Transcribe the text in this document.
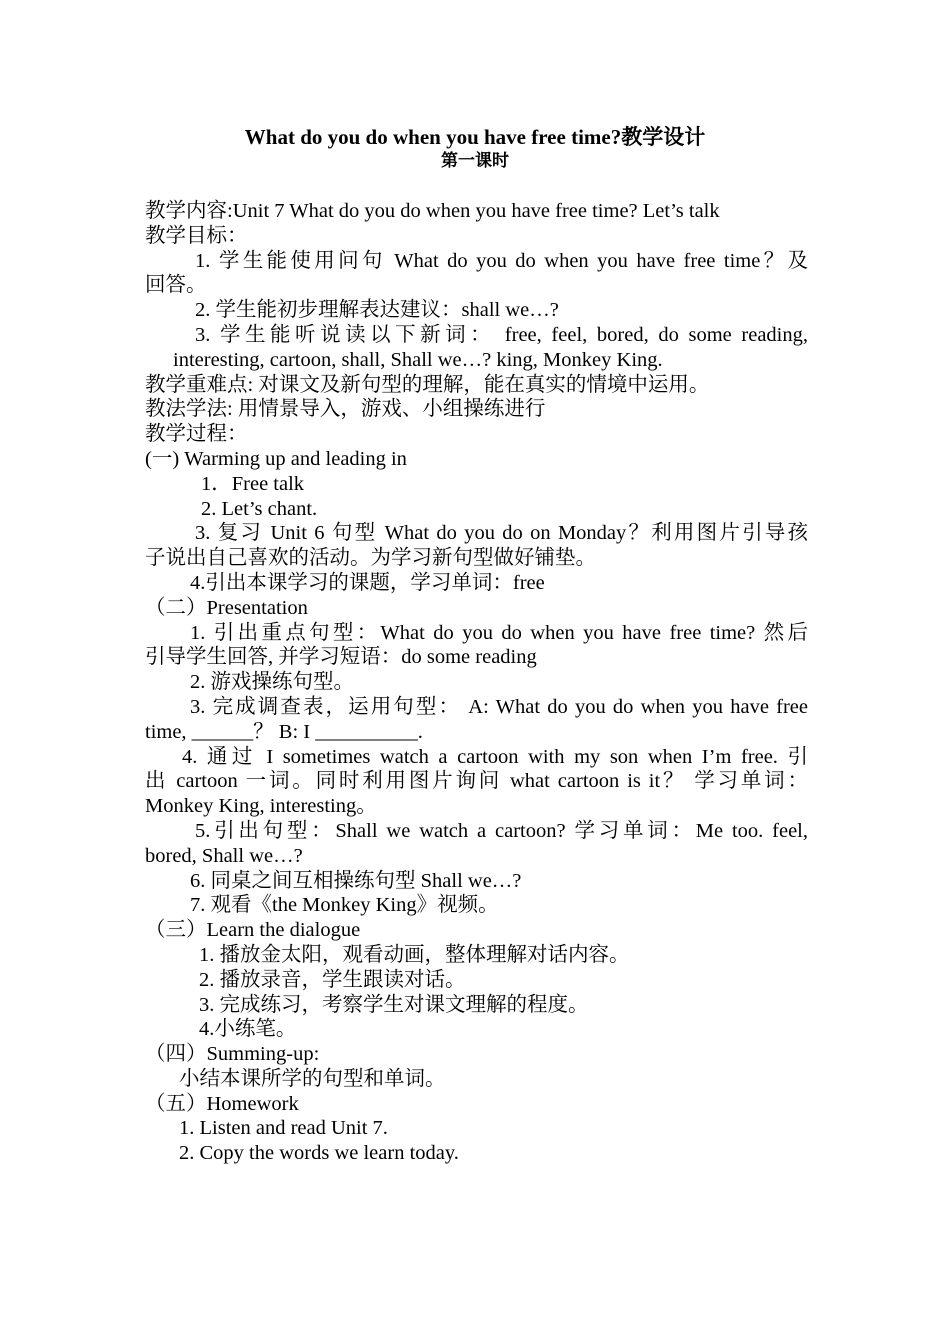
What do you do when you have free time?教学设计
第一课时
教学内容:Unit 7 What do you do when you have free time? Let’s talk
教学目标：
1. 学生能使用问句 What do you do when you have free time？及
回答。
2. 学生能初步理解表达建议：shall we…?
3. 学生能听说读以下新词： free, feel, bored, do some reading,
interesting, cartoon, shall, Shall we…? king, Monkey King.
教学重难点: 对课文及新句型的理解，能在真实的情境中运用。
教法学法: 用情景导入，游戏、小组操练进行
教学过程：
(一) Warming up and leading in
1．Free talk
2. Let’s chant.
3. 复习 Unit 6 句型 What do you do on Monday？利用图片引导孩
子说出自己喜欢的活动。为学习新句型做好铺垫。
4.引出本课学习的课题，学习单词：free
（二）Presentation
1. 引出重点句型：What do you do when you have free time? 然后
引导学生回答, 并学习短语：do some reading
2. 游戏操练句型。
3. 完成调查表，运用句型： A: What do you do when you have free
time, ______？ B: I __________.
4. 通过 I sometimes watch a cartoon with my son when I’m free. 引
出 cartoon 一词。同时利用图片询问 what cartoon is it？ 学习单词：
Monkey King, interesting。
5.引出句型：Shall we watch a cartoon? 学习单词：Me too. feel,
bored, Shall we…?
6. 同桌之间互相操练句型 Shall we…?
7. 观看《the Monkey King》视频。
（三）Learn the dialogue
1. 播放金太阳，观看动画，整体理解对话内容。
2. 播放录音，学生跟读对话。
3. 完成练习，考察学生对课文理解的程度。
4.小练笔。
（四）Summing-up:
小结本课所学的句型和单词。
（五）Homework
1. Listen and read Unit 7.
2. Copy the words we learn today.
